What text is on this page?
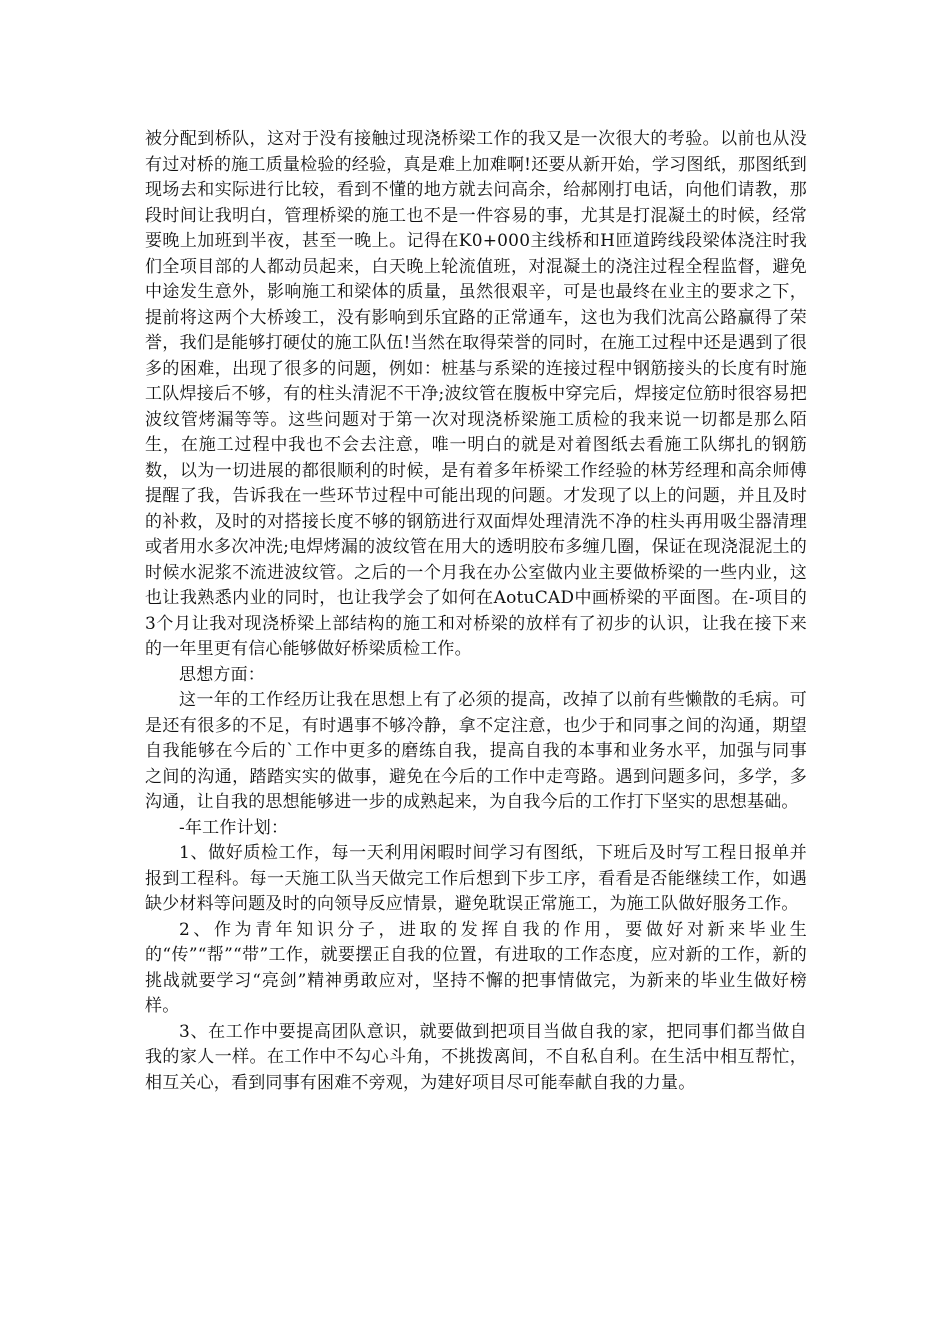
被分配到桥队，这对于没有接触过现浇桥梁工作的我又是一次很大的考验。以前也从没有过对桥的施工质量检验的经验，真是难上加难啊!还要从新开始，学习图纸，那图纸到现场去和实际进行比较，看到不懂的地方就去问高余，给郝刚打电话，向他们请教，那段时间让我明白，管理桥梁的施工也不是一件容易的事，尤其是打混凝土的时候，经常要晚上加班到半夜，甚至一晚上。记得在K0+000主线桥和H匝道跨线段梁体浇注时我们全项目部的人都动员起来，白天晚上轮流值班，对混凝土的浇注过程全程监督，避免中途发生意外，影响施工和梁体的质量，虽然很艰辛，可是也最终在业主的要求之下，提前将这两个大桥竣工，没有影响到乐宜路的正常通车，这也为我们沈高公路赢得了荣誉，我们是能够打硬仗的施工队伍!当然在取得荣誉的同时，在施工过程中还是遇到了很多的困难，出现了很多的问题，例如：桩基与系梁的连接过程中钢筋接头的长度有时施工队焊接后不够，有的柱头清泥不干净;波纹管在腹板中穿完后，焊接定位筋时很容易把波纹管烤漏等等。这些问题对于第一次对现浇桥梁施工质检的我来说一切都是那么陌生，在施工过程中我也不会去注意，唯一明白的就是对着图纸去看施工队绑扎的钢筋数，以为一切进展的都很顺利的时候，是有着多年桥梁工作经验的林芳经理和高余师傅提醒了我，告诉我在一些环节过程中可能出现的问题。才发现了以上的问题，并且及时的补救，及时的对搭接长度不够的钢筋进行双面焊处理清洗不净的柱头再用吸尘器清理或者用水多次冲洗;电焊烤漏的波纹管在用大的透明胶布多缠几圈，保证在现浇混泥土的时候水泥浆不流进波纹管。之后的一个月我在办公室做内业主要做桥梁的一些内业，这也让我熟悉内业的同时，也让我学会了如何在AotuCAD中画桥梁的平面图。在-项目的3个月让我对现浇桥梁上部结构的施工和对桥梁的放样有了初步的认识，让我在接下来的一年里更有信心能够做好桥梁质检工作。

思想方面：

这一年的工作经历让我在思想上有了必须的提高，改掉了以前有些懒散的毛病。可是还有很多的不足，有时遇事不够冷静，拿不定注意，也少于和同事之间的沟通，期望自我能够在今后的`工作中更多的磨练自我，提高自我的本事和业务水平，加强与同事之间的沟通，踏踏实实的做事，避免在今后的工作中走弯路。遇到问题多问，多学，多沟通，让自我的思想能够进一步的成熟起来，为自我今后的工作打下坚实的思想基础。

-年工作计划：

1、做好质检工作，每一天利用闲暇时间学习有图纸，下班后及时写工程日报单并报到工程科。每一天施工队当天做完工作后想到下步工序，看看是否能继续工作，如遇缺少材料等问题及时的向领导反应情景，避免耽误正常施工，为施工队做好服务工作。

2、作为青年知识分子，进取的发挥自我的作用，要做好对新来毕业生的“传”“帮”“带”工作，就要摆正自我的位置，有进取的工作态度，应对新的工作，新的挑战就要学习“亮剑”精神勇敢应对，坚持不懈的把事情做完，为新来的毕业生做好榜样。

3、在工作中要提高团队意识，就要做到把项目当做自我的家，把同事们都当做自我的家人一样。在工作中不勾心斗角，不挑拨离间，不自私自利。在生活中相互帮忙，相互关心，看到同事有困难不旁观，为建好项目尽可能奉献自我的力量。
